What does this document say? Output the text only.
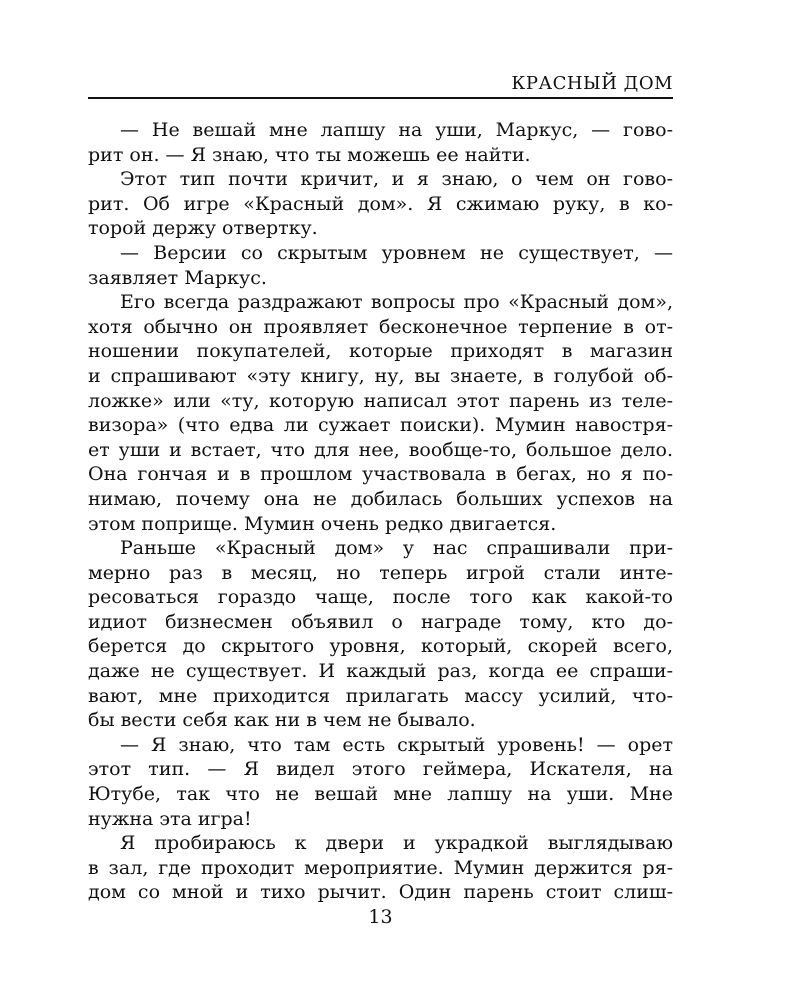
КРАСНЫЙ ДОМ
— Не вешай мне лапшу на уши, Маркус, — гово-
рит он. — Я знаю, что ты можешь ее найти.
Этот тип почти кричит, и я знаю, о чем он гово-
рит. Об игре «Красный дом». Я сжимаю руку, в ко-
торой держу отвертку.
— Версии со скрытым уровнем не существует, —
заявляет Маркус.
Его всегда раздражают вопросы про «Красный дом»,
хотя обычно он проявляет бесконечное терпение в от-
ношении покупателей, которые приходят в магазин
и спрашивают «эту книгу, ну, вы знаете, в голубой об-
ложке» или «ту, которую написал этот парень из теле-
визора» (что едва ли сужает поиски). Мумин навостря-
ет уши и встает, что для нее, вообще-то, большое дело.
Она гончая и в прошлом участвовала в бегах, но я по-
нимаю, почему она не добилась больших успехов на
этом поприще. Мумин очень редко двигается.
Раньше «Красный дом» у нас спрашивали при-
мерно раз в месяц, но теперь игрой стали инте-
ресоваться гораздо чаще, после того как какой-то
идиот бизнесмен объявил о награде тому, кто до-
берется до скрытого уровня, который, скорей всего,
даже не существует. И каждый раз, когда ее спраши-
вают, мне приходится прилагать массу усилий, что-
бы вести себя как ни в чем не бывало.
— Я знаю, что там есть скрытый уровень! — орет
этот тип. — Я видел этого геймера, Искателя, на
Ютубе, так что не вешай мне лапшу на уши. Мне
нужна эта игра!
Я пробираюсь к двери и украдкой выглядываю
в зал, где проходит мероприятие. Мумин держится ря-
дом со мной и тихо рычит. Один парень стоит слиш-
13
